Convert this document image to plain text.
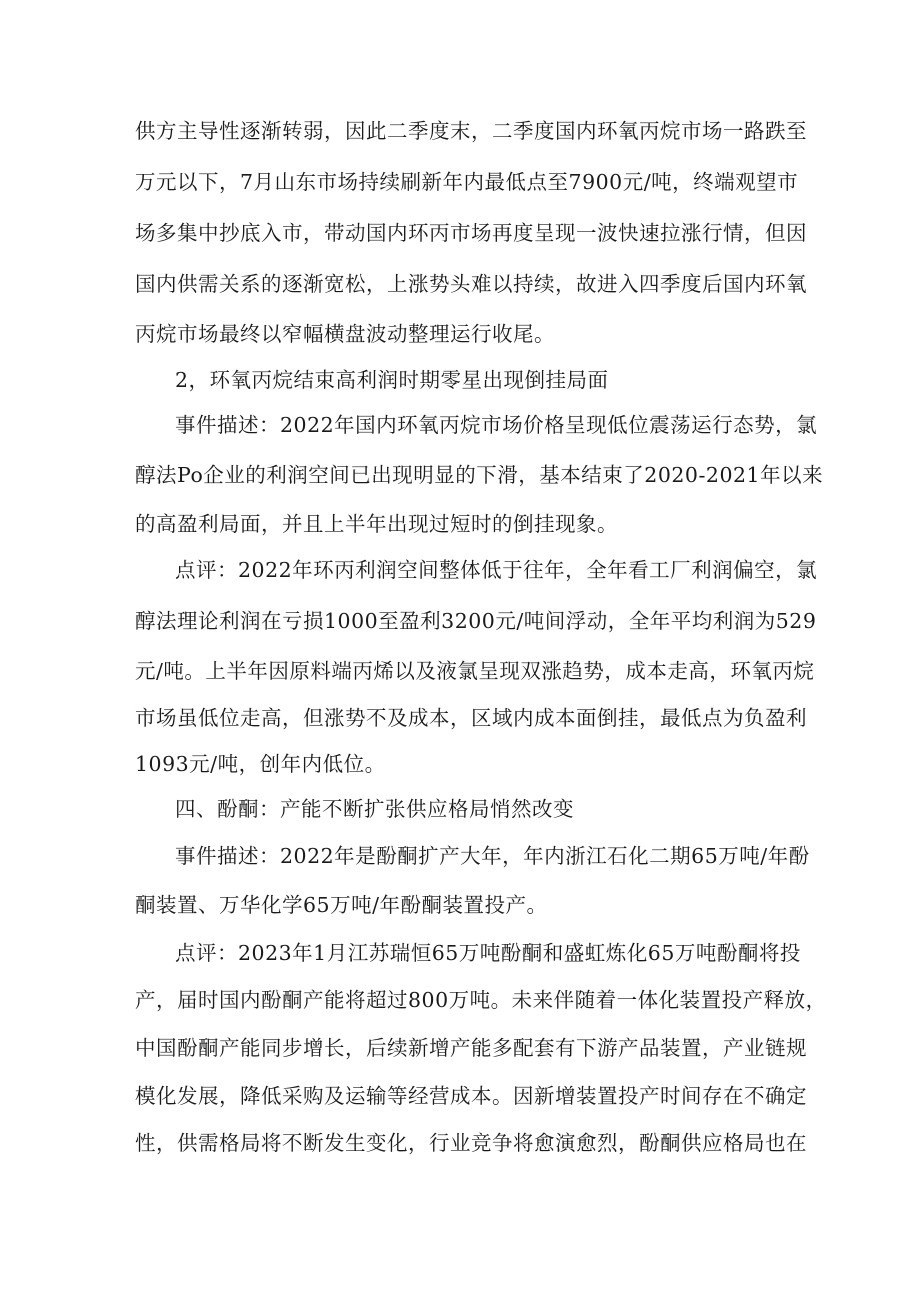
供方主导性逐渐转弱，因此二季度末，二季度国内环氧丙烷市场一路跌至
万元以下，7月山东市场持续刷新年内最低点至7900元/吨，终端观望市
场多集中抄底入市，带动国内环丙市场再度呈现一波快速拉涨行情，但因
国内供需关系的逐渐宽松，上涨势头难以持续，故进入四季度后国内环氧
丙烷市场最终以窄幅横盘波动整理运行收尾。
2，环氧丙烷结束高利润时期零星出现倒挂局面
事件描述：2022年国内环氧丙烷市场价格呈现低位震荡运行态势，氯
醇法Po企业的利润空间已出现明显的下滑，基本结束了2020-2021年以来
的高盈利局面，并且上半年出现过短时的倒挂现象。
点评：2022年环丙利润空间整体低于往年，全年看工厂利润偏空，氯
醇法理论利润在亏损1000至盈利3200元/吨间浮动，全年平均利润为529
元/吨。上半年因原料端丙烯以及液氯呈现双涨趋势，成本走高，环氧丙烷
市场虽低位走高，但涨势不及成本，区域内成本面倒挂，最低点为负盈利
1093元/吨，创年内低位。
四、酚酮：产能不断扩张供应格局悄然改变
事件描述：2022年是酚酮扩产大年，年内浙江石化二期65万吨/年酚
酮装置、万华化学65万吨/年酚酮装置投产。
点评：2023年1月江苏瑞恒65万吨酚酮和盛虹炼化65万吨酚酮将投
产，届时国内酚酮产能将超过800万吨。未来伴随着一体化装置投产释放，
中国酚酮产能同步增长，后续新增产能多配套有下游产品装置，产业链规
模化发展，降低采购及运输等经营成本。因新增装置投产时间存在不确定
性，供需格局将不断发生变化，行业竞争将愈演愈烈，酚酮供应格局也在
